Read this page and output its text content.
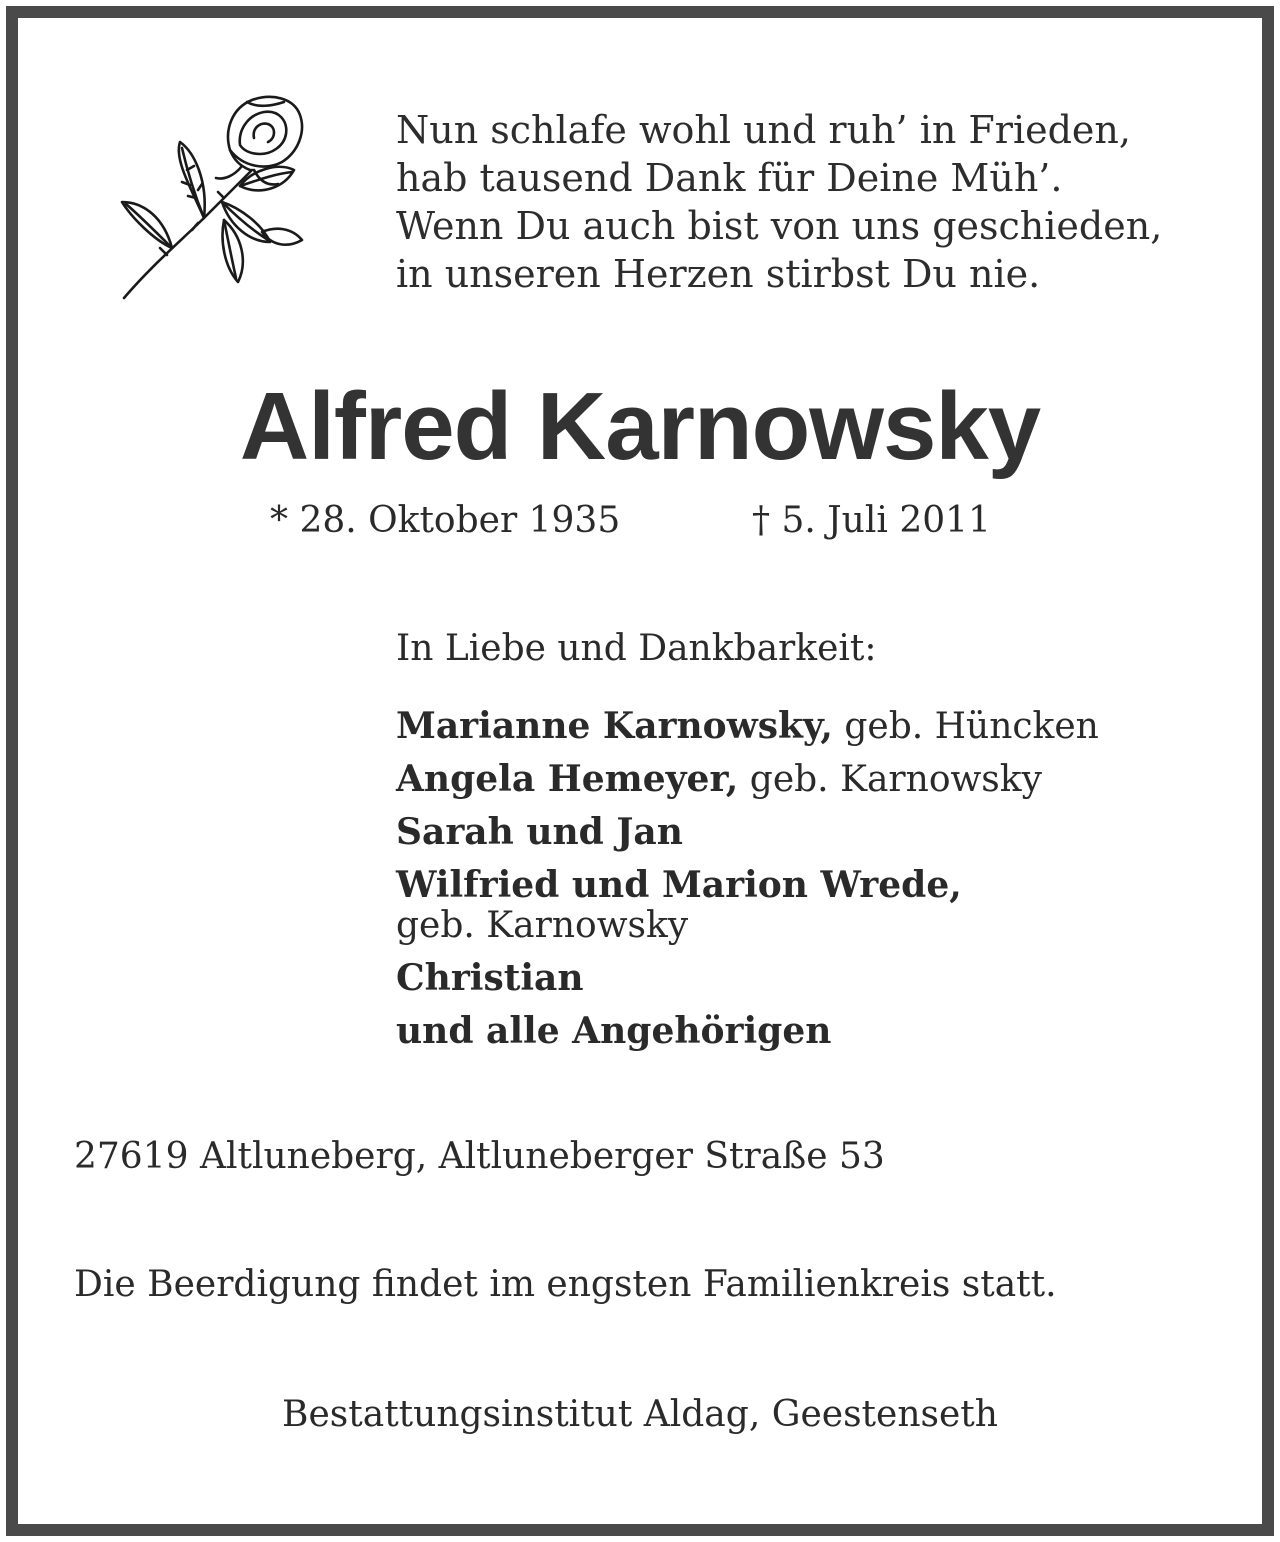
Nun schlafe wohl und ruh’ in Frieden,
hab tausend Dank für Deine Müh’.
Wenn Du auch bist von uns geschieden,
in unseren Herzen stirbst Du nie.
Alfred Karnowsky
* 28. Oktober 1935	† 5. Juli 2011
In Liebe und Dankbarkeit:
Marianne Karnowsky, geb. Hüncken
Angela Hemeyer, geb. Karnowsky
Sarah und Jan
Wilfried und Marion Wrede,
geb. Karnowsky
Christian
und alle Angehörigen
27619 Altluneberg, Altluneberger Straße 53
Die Beerdigung findet im engsten Familienkreis statt.
Bestattungsinstitut Aldag, Geestenseth
